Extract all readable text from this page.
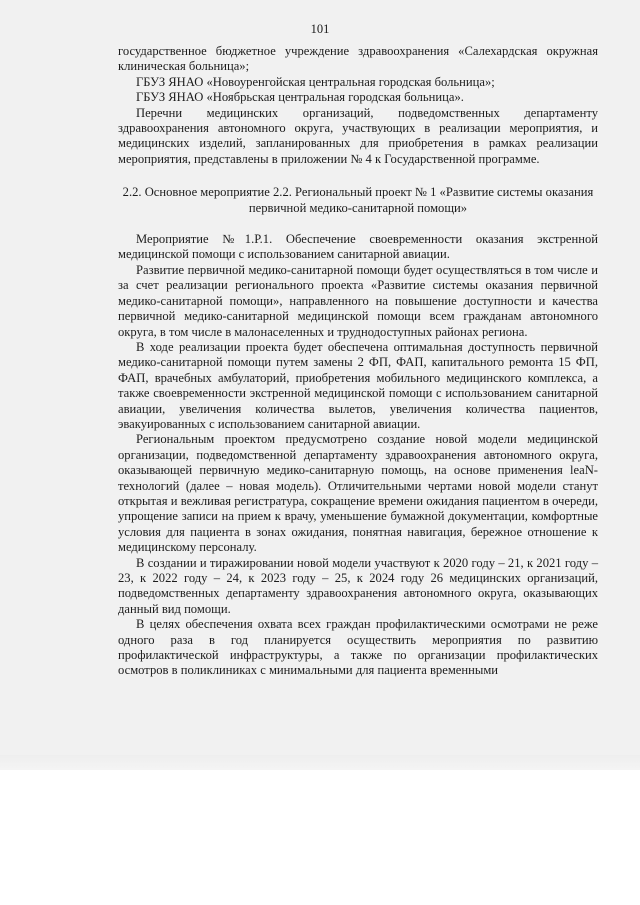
101

государственное бюджетное учреждение здравоохранения «Салехардская окружная клиническая больница»;

ГБУЗ ЯНАО «Новоуренгойская центральная городская больница»;

ГБУЗ ЯНАО «Ноябрьская центральная городская больница».

Перечни медицинских организаций, подведомственных департаменту здравоохранения автономного округа, участвующих в реализации мероприятия, и медицинских изделий, запланированных для приобретения в рамках реализации мероприятия, представлены в приложении № 4 к Государственной программе.

2.2. Основное мероприятие 2.2. Региональный проект № 1 «Развитие системы оказания первичной медико-санитарной помощи»

Мероприятие №1.Р.1. Обеспечение своевременности оказания экстренной медицинской помощи с использованием санитарной авиации.

Развитие первичной медико-санитарной помощи будет осуществляться в том числе и за счет реализации регионального проекта «Развитие системы оказания первичной медико-санитарной помощи», направленного на повышение доступности и качества первичной медико-санитарной медицинской помощи всем гражданам автономного округа, в том числе в малонаселенных и труднодоступных районах региона.

В ходе реализации проекта будет обеспечена оптимальная доступность первичной медико-санитарной помощи путем замены 2 ФП, ФАП, капитального ремонта 15 ФП, ФАП, врачебных амбулаторий, приобретения мобильного медицинского комплекса, а также своевременности экстренной медицинской помощи с использованием санитарной авиации, увеличения количества вылетов, увеличения количества пациентов, эвакуированных с использованием санитарной авиации.

Региональным проектом предусмотрено создание новой модели медицинской организации, подведомственной департаменту здравоохранения автономного округа, оказывающей первичную медико-санитарную помощь, на основе применения leaN-технологий (далее – новая модель). Отличительными чертами новой модели станут открытая и вежливая регистратура, сокращение времени ожидания пациентом в очереди, упрощение записи на прием к врачу, уменьшение бумажной документации, комфортные условия для пациента в зонах ожидания, понятная навигация, бережное отношение к медицинскому персоналу.

В создании и тиражировании новой модели участвуют к 2020 году – 21, к 2021 году – 23, к 2022 году – 24, к 2023 году – 25, к 2024 году 26 медицинских организаций, подведомственных департаменту здравоохранения автономного округа, оказывающих данный вид помощи.

В целях обеспечения охвата всех граждан профилактическими осмотрами не реже одного раза в год планируется осуществить мероприятия по развитию профилактической инфраструктуры, а также по организации профилактических осмотров в поликлиниках с минимальными для пациента временными
